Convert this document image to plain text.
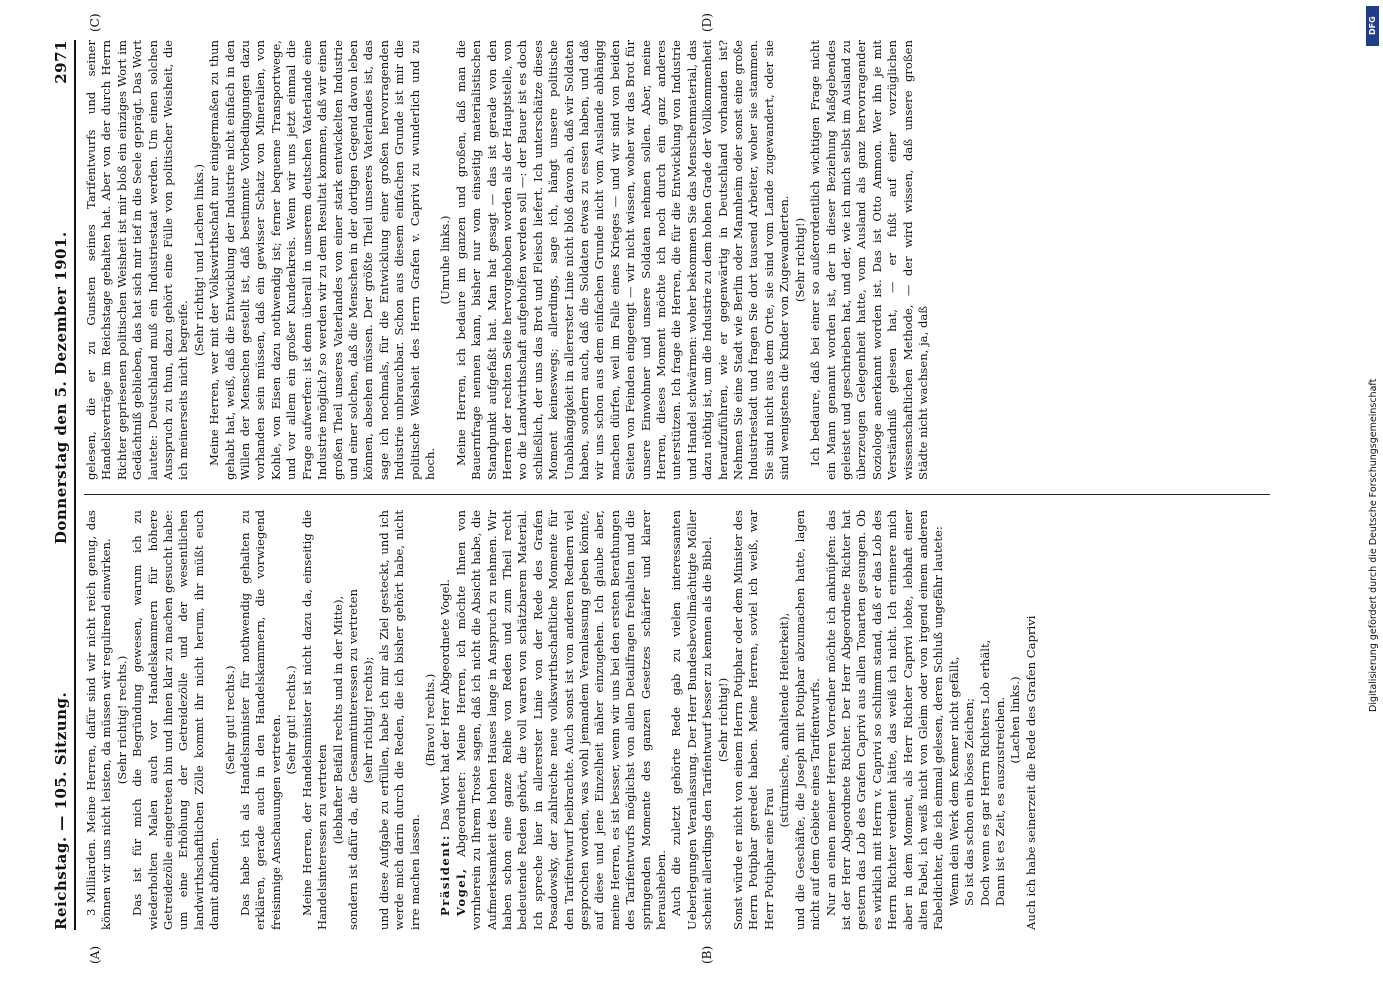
Reichstag. — 105. Sitzung.
Donnerstag den 5. Dezember 1901.
2971
(A)	(B)
(C)	(D)

3 Milliarden. Meine Herren, dafür sind wir nicht reich genug, das können wir uns nicht leisten, da müssen wir regulirend einwirken. (Sehr richtig! rechts.) Das ist für mich die Begründung gewesen, warum ich zu wiederholten Malen auch vor Handelskammern für höhere Getreidezölle eingetreten bin und ihnen klar zu machen gesucht habe: um eine Erhöhung der Getreidezölle und der wesentlichen landwirthschaftlichen Zölle kommt ihr nicht herum, ihr müßt euch damit abfinden.

(Sehr gut! rechts.) Das habe ich als Handelsminister für nothwendig gehalten zu erklären, gerade auch in den Handelskammern, die vorwiegend freisinnige Anschauungen vertreten. (Sehr gut! rechts.) Meine Herren, der Handelsminister ist nicht dazu da, einseitig die Handelsinteressen zu vertreten (lebhafter Beifall rechts und in der Mitte), sondern ist dafür da, die Gesammtinteressen zu vertreten (sehr richtig! rechts); und diese Aufgabe zu erfüllen, habe ich mir als Ziel gesteckt, und ich werde mich darin durch die Reden, die ich bisher gehört habe, nicht irre machen lassen.

(Bravo! rechts.)

Präsident: Das Wort hat der Herr Abgeordnete Vogel.

Vogel, Abgeordneter: Meine Herren, ich möchte Ihnen von vornherein zu Ihrem Troste sagen, daß ich nicht die Absicht habe, die Aufmerksamkeit des hohen Hauses lange in Anspruch zu nehmen. Wir haben schon eine ganze Reihe von Reden und zum Theil recht bedeutende Reden gehört, die voll waren von schätzbarem Material. Ich spreche hier in allererster Linie von der Rede des Grafen Posadowsky, der zahlreiche neue volkswirthschaftliche Momente für den Tarifentwurf beibrachte. Auch sonst ist von anderen Rednern viel gesprochen worden, was wohl jemandem Veranlassung geben könnte, auf diese und jene Einzelheit näher einzugehen. Ich glaube aber, meine Herren, es ist besser, wenn wir uns bei den ersten Berathungen des Tarifentwurfs möglichst von allen Detailfragen freihalten und die springenden Momente des ganzen Gesetzes schärfer und klarer herausheben. Auch die zuletzt gehörte Rede gab zu vielen interessanten Ueberlegungen Veranlassung. Der Herr Bundesbevollmächtigte Möller scheint allerdings den Tarifentwurf besser zu kennen als die Bibel. (Sehr richtig!) Sonst würde er nicht von einem Herrn Potiphar oder dem Minister des Herrn Potiphar geredet haben. Meine Herren, soviel ich weiß, war Herr Potiphar eine Frau

(stürmische, anhaltende Heiterkeit), und die Geschäfte, die Joseph mit Potiphar abzumachen hatte, lagen nicht auf dem Gebiete eines Tarifentwurfs. Nur an einen meiner Herren Vorredner möchte ich anknüpfen: das ist der Herr Abgeordnete Richter. Der Herr Abgeordnete Richter hat gestern das Lob des Grafen Caprivi aus allen Tonarten gesungen. Ob es wirklich mit Herrn v. Caprivi so schlimm stand, daß er das Lob des Herrn Richter verdient hätte, das weiß ich nicht. Ich erinnere mich aber in dem Moment, als Herr Richter Caprivi lobte, lebhaft einer alten Fabel, ich weiß nicht von Gleim oder von irgend einem anderen Fabeldichter, die ich einmal gelesen, deren Schluß ungefähr lautete: Wenn dein Werk dem Kenner nicht gefällt, So ist das schon ein böses Zeichen; Doch wenn es gar Herrn Richters Lob erhält, Dann ist es Zeit, es auszustreichen. (Lachen links.) Auch ich habe seinerzeit die Rede des Grafen Caprivi

gelesen, die er zu Gunsten seines Tarifentwurfs und seiner Handelsverträge im Reichstage gehalten hat. Aber von der durch Herrn Richter gepriesenen politischen Weisheit ist mir bloß ein einziges Wort im Gedächtniß geblieben, das hat sich mir tief in die Seele geprägt. Das Wort lautete: Deutschland muß ein Industriestaat werden. Um einen solchen Ausspruch zu thun, dazu gehört eine Fülle von politischer Weisheit, die ich meinerseits nicht begreife.

(Sehr richtig! und Lachen links.) Meine Herren, wer mit der Volkswirthschaft nur einigermaßen zu thun gehabt hat, weiß, daß die Entwicklung der Industrie nicht einfach in den Willen der Menschen gestellt ist, daß bestimmte Vorbedingungen dazu vorhanden sein müssen, daß ein gewisser Schatz von Mineralien, von Kohle, von Eisen dazu nothwendig ist; ferner bequeme Transportwege, und vor allem ein großer Kundenkreis. Wenn wir uns jetzt einmal die Frage aufwerfen: ist denn überall in unserem deutschen Vaterlande eine Industrie möglich? so werden wir zu dem Resultat kommen, daß wir einen großen Theil unseres Vaterlandes von einer stark entwickelten Industrie und einer solchen, daß die Menschen in der dortigen Gegend davon leben können, absehen müssen. Der größte Theil unseres Vaterlandes ist, das sage ich nochmals, für die Entwicklung einer großen hervorragenden Industrie unbrauchbar. Schon aus diesem einfachen Grunde ist mir die politische Weisheit des Herrn Grafen v. Caprivi zu wunderlich und zu hoch.

(Unruhe links.) Meine Herren, ich bedaure im ganzen und großen, daß man die Bauernfrage nennen kann, bisher nur vom einseitig materialistischen Standpunkt aufgefaßt hat. Man hat gesagt — das ist gerade von den Herren der rechten Seite hervorgehoben worden als der Hauptstelle, von wo die Landwirthschaft aufgeholfen werden soll —: der Bauer ist es doch schließlich, der uns das Brot und Fleisch liefert. Ich unterschätze dieses Moment keineswegs; allerdings, sage ich, hängt unsere politische Unabhängigkeit in allererster Linie nicht bloß davon ab, daß wir Soldaten haben, sondern auch, daß die Soldaten etwas zu essen haben, und daß wir uns schon aus dem einfachen Grunde nicht vom Auslande abhängig machen dürfen, weil im Falle eines Krieges — und wir sind von beiden Seiten von Feinden eingeengt — wir nicht wissen, woher wir das Brot für unsere Einwohner und unsere Soldaten nehmen sollen. Aber, meine Herren, dieses Moment möchte ich noch durch ein ganz anderes unterstützen. Ich frage die Herren, die für die Entwicklung von Industrie und Handel schwärmen: woher bekommen Sie das Menschenmaterial, das dazu nöthig ist, um die Industrie zu dem hohen Grade der Vollkommenheit heraufzuführen, wie er gegenwärtig in Deutschland vorhanden ist? Nehmen Sie eine Stadt wie Berlin oder Mannheim oder sonst eine große Industriestadt und fragen Sie dort tausend Arbeiter, woher sie stammen. Sie sind nicht aus dem Orte, sie sind vom Lande zugewandert, oder sie sind wenigstens die Kinder von Zugewanderten. (Sehr richtig!) Ich bedaure, daß bei einer so außerordentlich wichtigen Frage nicht ein Mann genannt worden ist, der in dieser Beziehung Maßgebendes geleistet und geschrieben hat, und der, wie ich mich selbst im Ausland zu überzeugen Gelegenheit hatte, vom Ausland als ganz hervorragender Soziologe anerkannt worden ist. Das ist Otto Ammon. Wer ihn je mit Verständniß gelesen hat, — er fußt auf einer vorzüglichen wissenschaftlichen Methode, — der wird wissen, daß unsere großen Städte nicht wachsen, ja, daß

DFG
Digitalisierung gefördert durch die Deutsche Forschungsgemeinschaft
